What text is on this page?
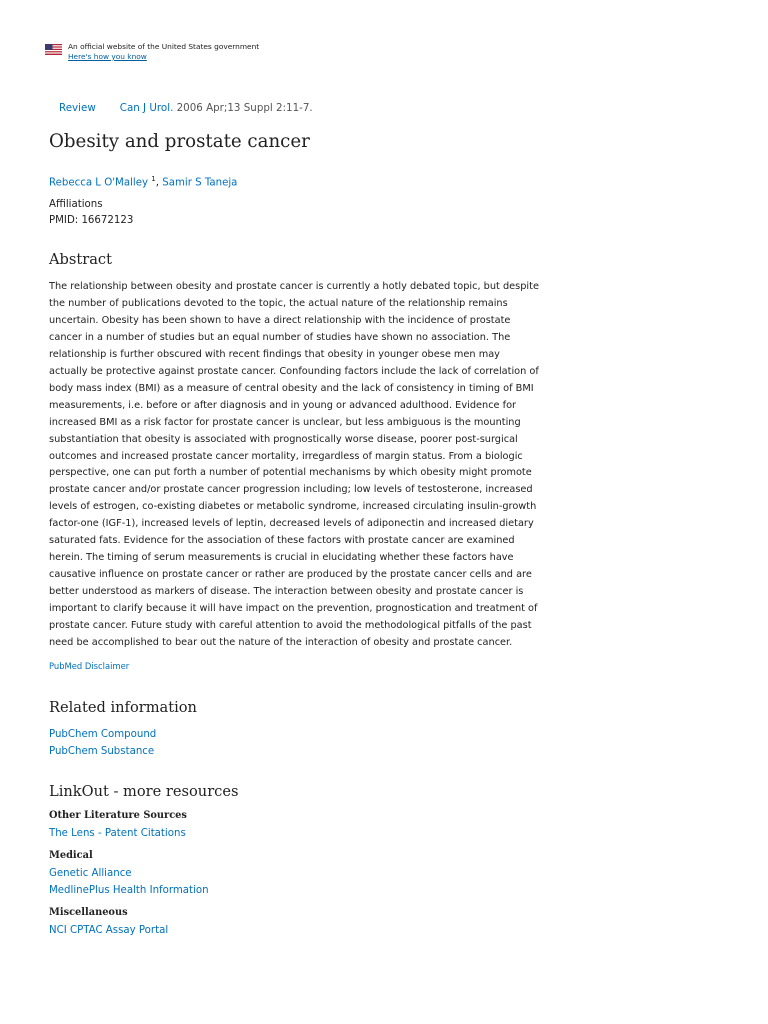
An official website of the United States government
Here's how you know
Review Can J Urol. 2006 Apr;13 Suppl 2:11-7.
Obesity and prostate cancer
Rebecca L O'Malley $^1$, Samir S Taneja
Affiliations
PMID: 16672123
Abstract

The relationship between obesity and prostate cancer is currently a hotly debated topic, but despite the number of publications devoted to the topic, the actual nature of the relationship remains uncertain. Obesity has been shown to have a direct relationship with the incidence of prostate cancer in a number of studies but an equal number of studies have shown no association. The relationship is further obscured with recent findings that obesity in younger obese men may actually be protective against prostate cancer. Confounding factors include the lack of correlation of body mass index (BMI) as a measure of central obesity and the lack of consistency in timing of BMI measurements, i.e. before or after diagnosis and in young or advanced adulthood. Evidence for increased BMI as a risk factor for prostate cancer is unclear, but less ambiguous is the mounting substantiation that obesity is associated with prognostically worse disease, poorer post-surgical outcomes and increased prostate cancer mortality, irregardless of margin status. From a biologic perspective, one can put forth a number of potential mechanisms by which obesity might promote prostate cancer and/or prostate cancer progression including; low levels of testosterone, increased levels of estrogen, co-existing diabetes or metabolic syndrome, increased circulating insulin-growth factor-one (IGF-1), increased levels of leptin, decreased levels of adiponectin and increased dietary saturated fats. Evidence for the association of these factors with prostate cancer are examined herein. The timing of serum measurements is crucial in elucidating whether these factors have causative influence on prostate cancer or rather are produced by the prostate cancer cells and are better understood as markers of disease. The interaction between obesity and prostate cancer is important to clarify because it will have impact on the prevention, prognostication and treatment of prostate cancer. Future study with careful attention to avoid the methodological pitfalls of the past need be accomplished to bear out the nature of the interaction of obesity and prostate cancer.

PubMed Disclaimer
Related information
PubChem Compound
PubChem Substance
LinkOut - more resources
Other Literature Sources
The Lens - Patent Citations
Medical
Genetic Alliance
MedlinePlus Health Information
Miscellaneous
NCI CPTAC Assay Portal
